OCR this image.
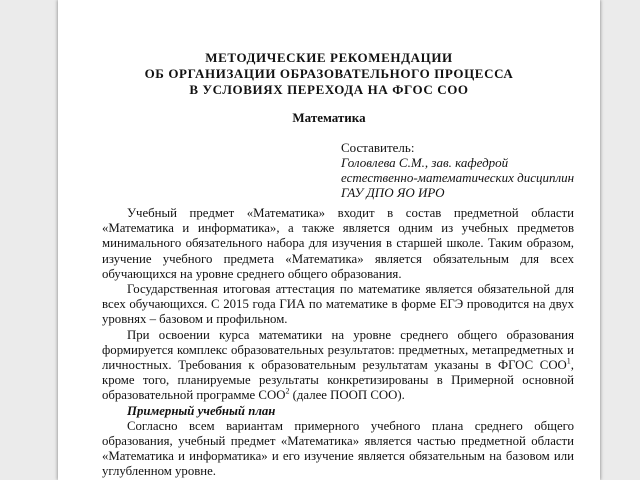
МЕТОДИЧЕСКИЕ РЕКОМЕНДАЦИИ
ОБ ОРГАНИЗАЦИИ ОБРАЗОВАТЕЛЬНОГО ПРОЦЕССА
В УСЛОВИЯХ ПЕРЕХОДА НА ФГОС СОО
Математика
Составитель:
Головлева С.М., зав. кафедрой
естественно-математических дисциплин
ГАУ ДПО ЯО ИРО

Учебный предмет «Математика» входит в состав предметной области «Математика и информатика», а также является одним из учебных предметов минимального обязательного набора для изучения в старшей школе. Таким образом, изучение учебного предмета «Математика» является обязательным для всех обучающихся на уровне среднего общего образования.

Государственная итоговая аттестация по математике является обязательной для всех обучающихся. С 2015 года ГИА по математике в форме ЕГЭ проводится на двух уровнях – базовом и профильном.

При освоении курса математики на уровне среднего общего образования формируется комплекс образовательных результатов: предметных, метапредметных и личностных. Требования к образовательным результатам указаны в ФГОС СОО$^1$, кроме того, планируемые результаты конкретизированы в Примерной основной образовательной программе СОО$^2$ (далее ПООП СОО).

Примерный учебный план

Согласно всем вариантам примерного учебного плана среднего общего образования, учебный предмет «Математика» является частью предметной области «Математика и информатика» и его изучение является обязательным на базовом или углубленном уровне.
